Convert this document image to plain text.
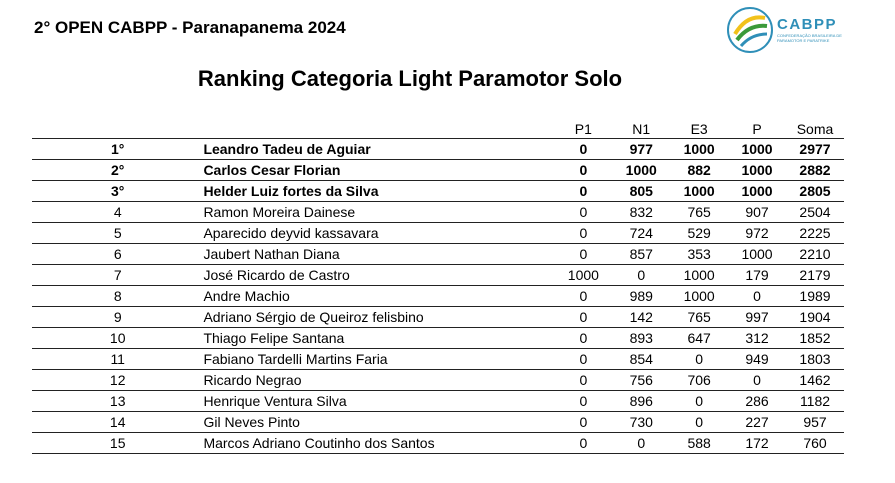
2° OPEN CABPP - Paranapanema 2024	CABPP
CONFEDERAÇÃO BRASILEIRA DE
PARAMOTOR E PARATRIKE
Ranking Categoria Light Paramotor Solo
		P1	N1	E3	P	Soma
1°	Leandro Tadeu de Aguiar	0	977	1000	1000	2977
2°	Carlos Cesar Florian	0	1000	882	1000	2882
3°	Helder Luiz fortes da Silva	0	805	1000	1000	2805
4	Ramon Moreira Dainese	0	832	765	907	2504
5	Aparecido deyvid kassavara	0	724	529	972	2225
6	Jaubert Nathan Diana	0	857	353	1000	2210
7	José Ricardo de Castro	1000	0	1000	179	2179
8	Andre Machio	0	989	1000	0	1989
9	Adriano Sérgio de Queiroz felisbino	0	142	765	997	1904
10	Thiago Felipe Santana	0	893	647	312	1852
11	Fabiano Tardelli Martins Faria	0	854	0	949	1803
12	Ricardo Negrao	0	756	706	0	1462
13	Henrique Ventura Silva	0	896	0	286	1182
14	Gil Neves Pinto	0	730	0	227	957
15	Marcos Adriano Coutinho dos Santos	0	0	588	172	760
